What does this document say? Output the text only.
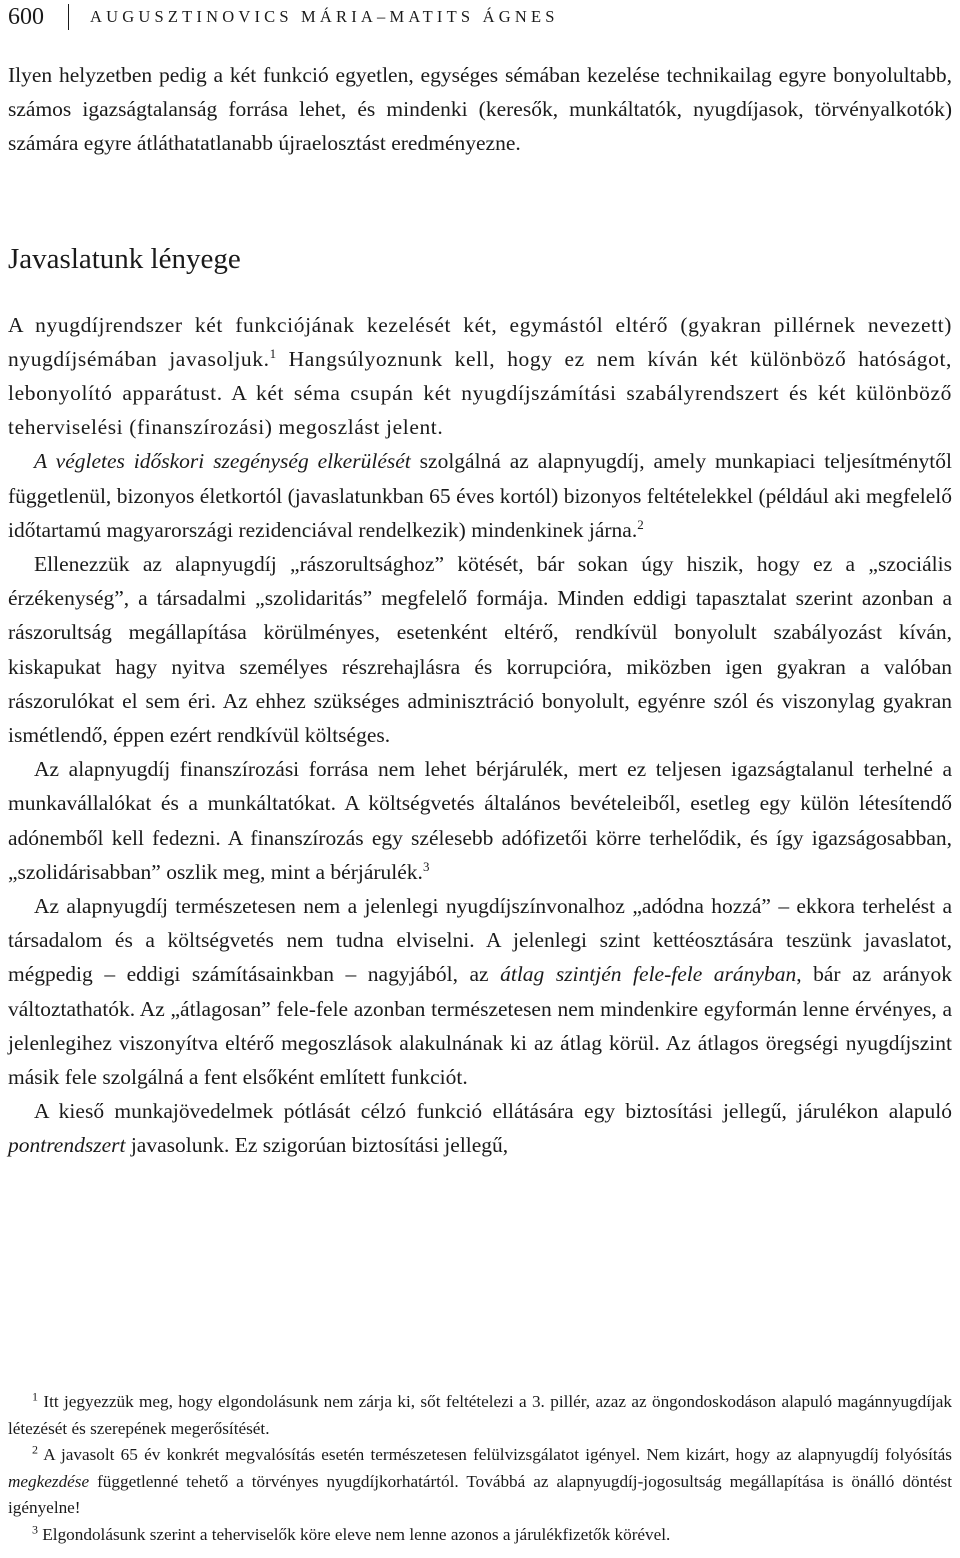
600	AUGUSZTINOVICS MÁRIA–MATITS ÁGNES

Ilyen helyzetben pedig a két funkció egyetlen, egységes sémában kezelése technikailag egyre bonyolultabb, számos igazságtalanság forrása lehet, és mindenki (keresők, munkáltatók, nyugdíjasok, törvényalkotók) számára egyre átláthatatlanabb újraelosztást eredményezne.

Javaslatunk lényege

A nyugdíjrendszer két funkciójának kezelését két, egymástól eltérő (gyakran pillérnek nevezett) nyugdíjsémában javasoljuk.$^1$ Hangsúlyoznunk kell, hogy ez nem kíván két különböző hatóságot, lebonyolító apparátust. A két séma csupán két nyugdíjszámítási szabályrendszert és két különböző teherviselési (finanszírozási) megoszlást jelent.

A végletes időskori szegénység elkerülését szolgálná az alapnyugdíj, amely munkapiaci teljesítménytől függetlenül, bizonyos életkortól (javaslatunkban 65 éves kortól) bizonyos feltételekkel (például aki megfelelő időtartamú magyarországi rezidenciával rendelkezik) mindenkinek járna.$^2$

Ellenezzük az alapnyugdíj „rászorultsághoz” kötését, bár sokan úgy hiszik, hogy ez a „szociális érzékenység”, a társadalmi „szolidaritás” megfelelő formája. Minden eddigi tapasztalat szerint azonban a rászorultság megállapítása körülményes, esetenként eltérő, rendkívül bonyolult szabályozást kíván, kiskapukat hagy nyitva személyes részrehajlásra és korrupcióra, miközben igen gyakran a valóban rászorulókat el sem éri. Az ehhez szükséges adminisztráció bonyolult, egyénre szól és viszonylag gyakran ismétlendő, éppen ezért rendkívül költséges.

Az alapnyugdíj finanszírozási forrása nem lehet bérjárulék, mert ez teljesen igazságtalanul terhelné a munkavállalókat és a munkáltatókat. A költségvetés általános bevételeiből, esetleg egy külön létesítendő adónemből kell fedezni. A finanszírozás egy szélesebb adófizetői körre terhelődik, és így igazságosabban, „szolidárisabban” oszlik meg, mint a bérjárulék.$^3$

Az alapnyugdíj természetesen nem a jelenlegi nyugdíjszínvonalhoz „adódna hozzá” – ekkora terhelést a társadalom és a költségvetés nem tudna elviselni. A jelenlegi szint kettéosztására teszünk javaslatot, mégpedig – eddigi számításainkban – nagyjából, az átlag szintjén fele-fele arányban, bár az arányok változtathatók. Az „átlagosan” fele-fele azonban természetesen nem mindenkire egyformán lenne érvényes, a jelenlegihez viszonyítva eltérő megoszlások alakulnának ki az átlag körül. Az átlagos öregségi nyugdíjszint másik fele szolgálná a fent elsőként említett funkciót.

A kieső munkajövedelmek pótlását célzó funkció ellátására egy biztosítási jellegű, járulékon alapuló pontrendszert javasolunk. Ez szigorúan biztosítási jellegű,

$^1$ Itt jegyezzük meg, hogy elgondolásunk nem zárja ki, sőt feltételezi a 3. pillér, azaz az öngondoskodáson alapuló magánnyugdíjak létezését és szerepének megerősítését.

$^2$ A javasolt 65 év konkrét megvalósítás esetén természetesen felülvizsgálatot igényel. Nem kizárt, hogy az alapnyugdíj folyósítás megkezdése függetlenné tehető a törvényes nyugdíjkorhatártól. Továbbá az alapnyugdíj-jogosultság megállapítása is önálló döntést igényelne!

$^3$ Elgondolásunk szerint a teherviselők köre eleve nem lenne azonos a járulékfizetők körével.
